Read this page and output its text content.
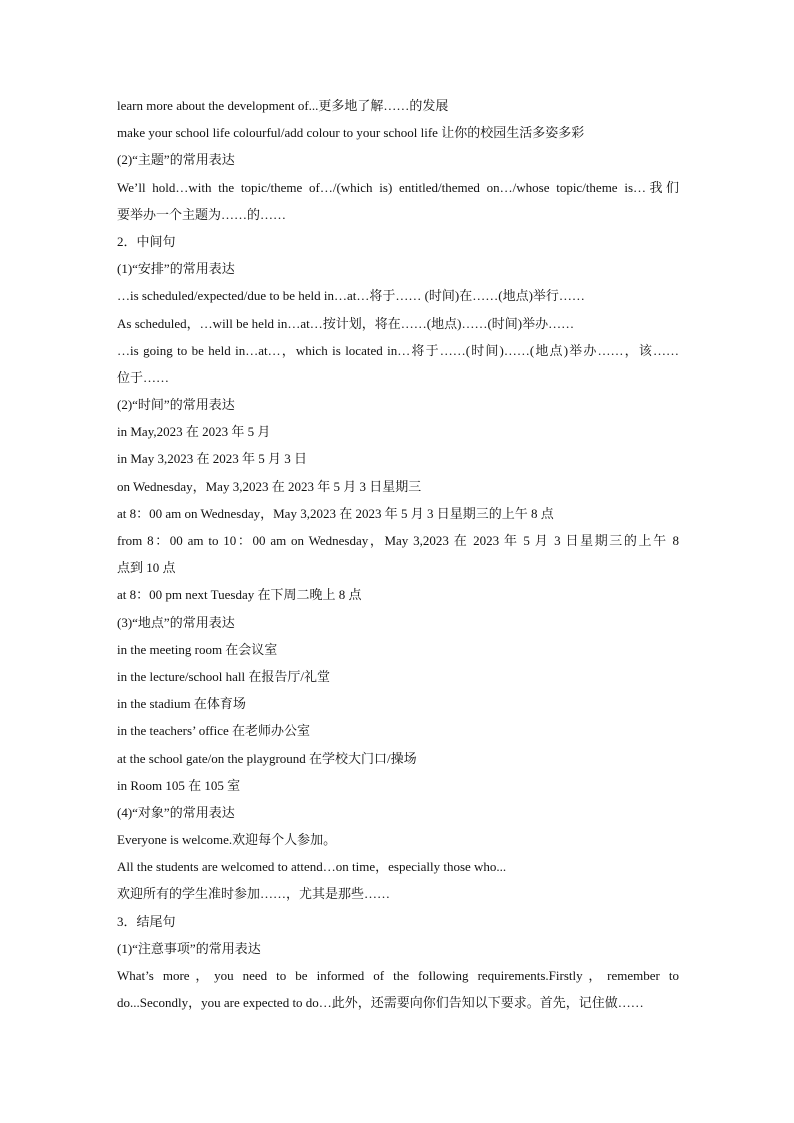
learn more about the development of...更多地了解……的发展

make your school life colourful/add colour to your school life 让你的校园生活多姿多彩

(2)“主题”的常用表达

We’ll hold…with the topic/theme of…/(which is) entitled/themed on…/whose topic/theme is…我们

要举办一个主题为……的……

2．中间句

(1)“安排”的常用表达

…is scheduled/expected/due to be held in…at…将于…… (时间)在……(地点)举行……

As scheduled，…will be held in…at…按计划，将在……(地点)……(时间)举办……

…is going to be held in…at…，which is located in…将于……(时间)……(地点)举办……，该……

位于……

(2)“时间”的常用表达

in May,2023 在 2023 年 5 月

in May 3,2023 在 2023 年 5 月 3 日

on Wednesday，May 3,2023 在 2023 年 5 月 3 日星期三

at 8：00 am on Wednesday，May 3,2023 在 2023 年 5 月 3 日星期三的上午 8 点

from 8：00 am to 10：00 am on Wednesday，May 3,2023 在 2023 年 5 月 3 日星期三的上午 8

点到 10 点

at 8：00 pm next Tuesday 在下周二晚上 8 点

(3)“地点”的常用表达

in the meeting room 在会议室

in the lecture/school hall 在报告厅/礼堂

in the stadium 在体育场

in the teachers’ office 在老师办公室

at the school gate/on the playground 在学校大门口/操场

in Room 105 在 105 室

(4)“对象”的常用表达

Everyone is welcome.欢迎每个人参加。

All the students are welcomed to attend…on time，especially those who...

欢迎所有的学生准时参加……，尤其是那些……

3．结尾句

(1)“注意事项”的常用表达

What’s more，you need to be informed of the following requirements.Firstly，remember to

do...Secondly，you are expected to do…此外，还需要向你们告知以下要求。首先，记住做……
